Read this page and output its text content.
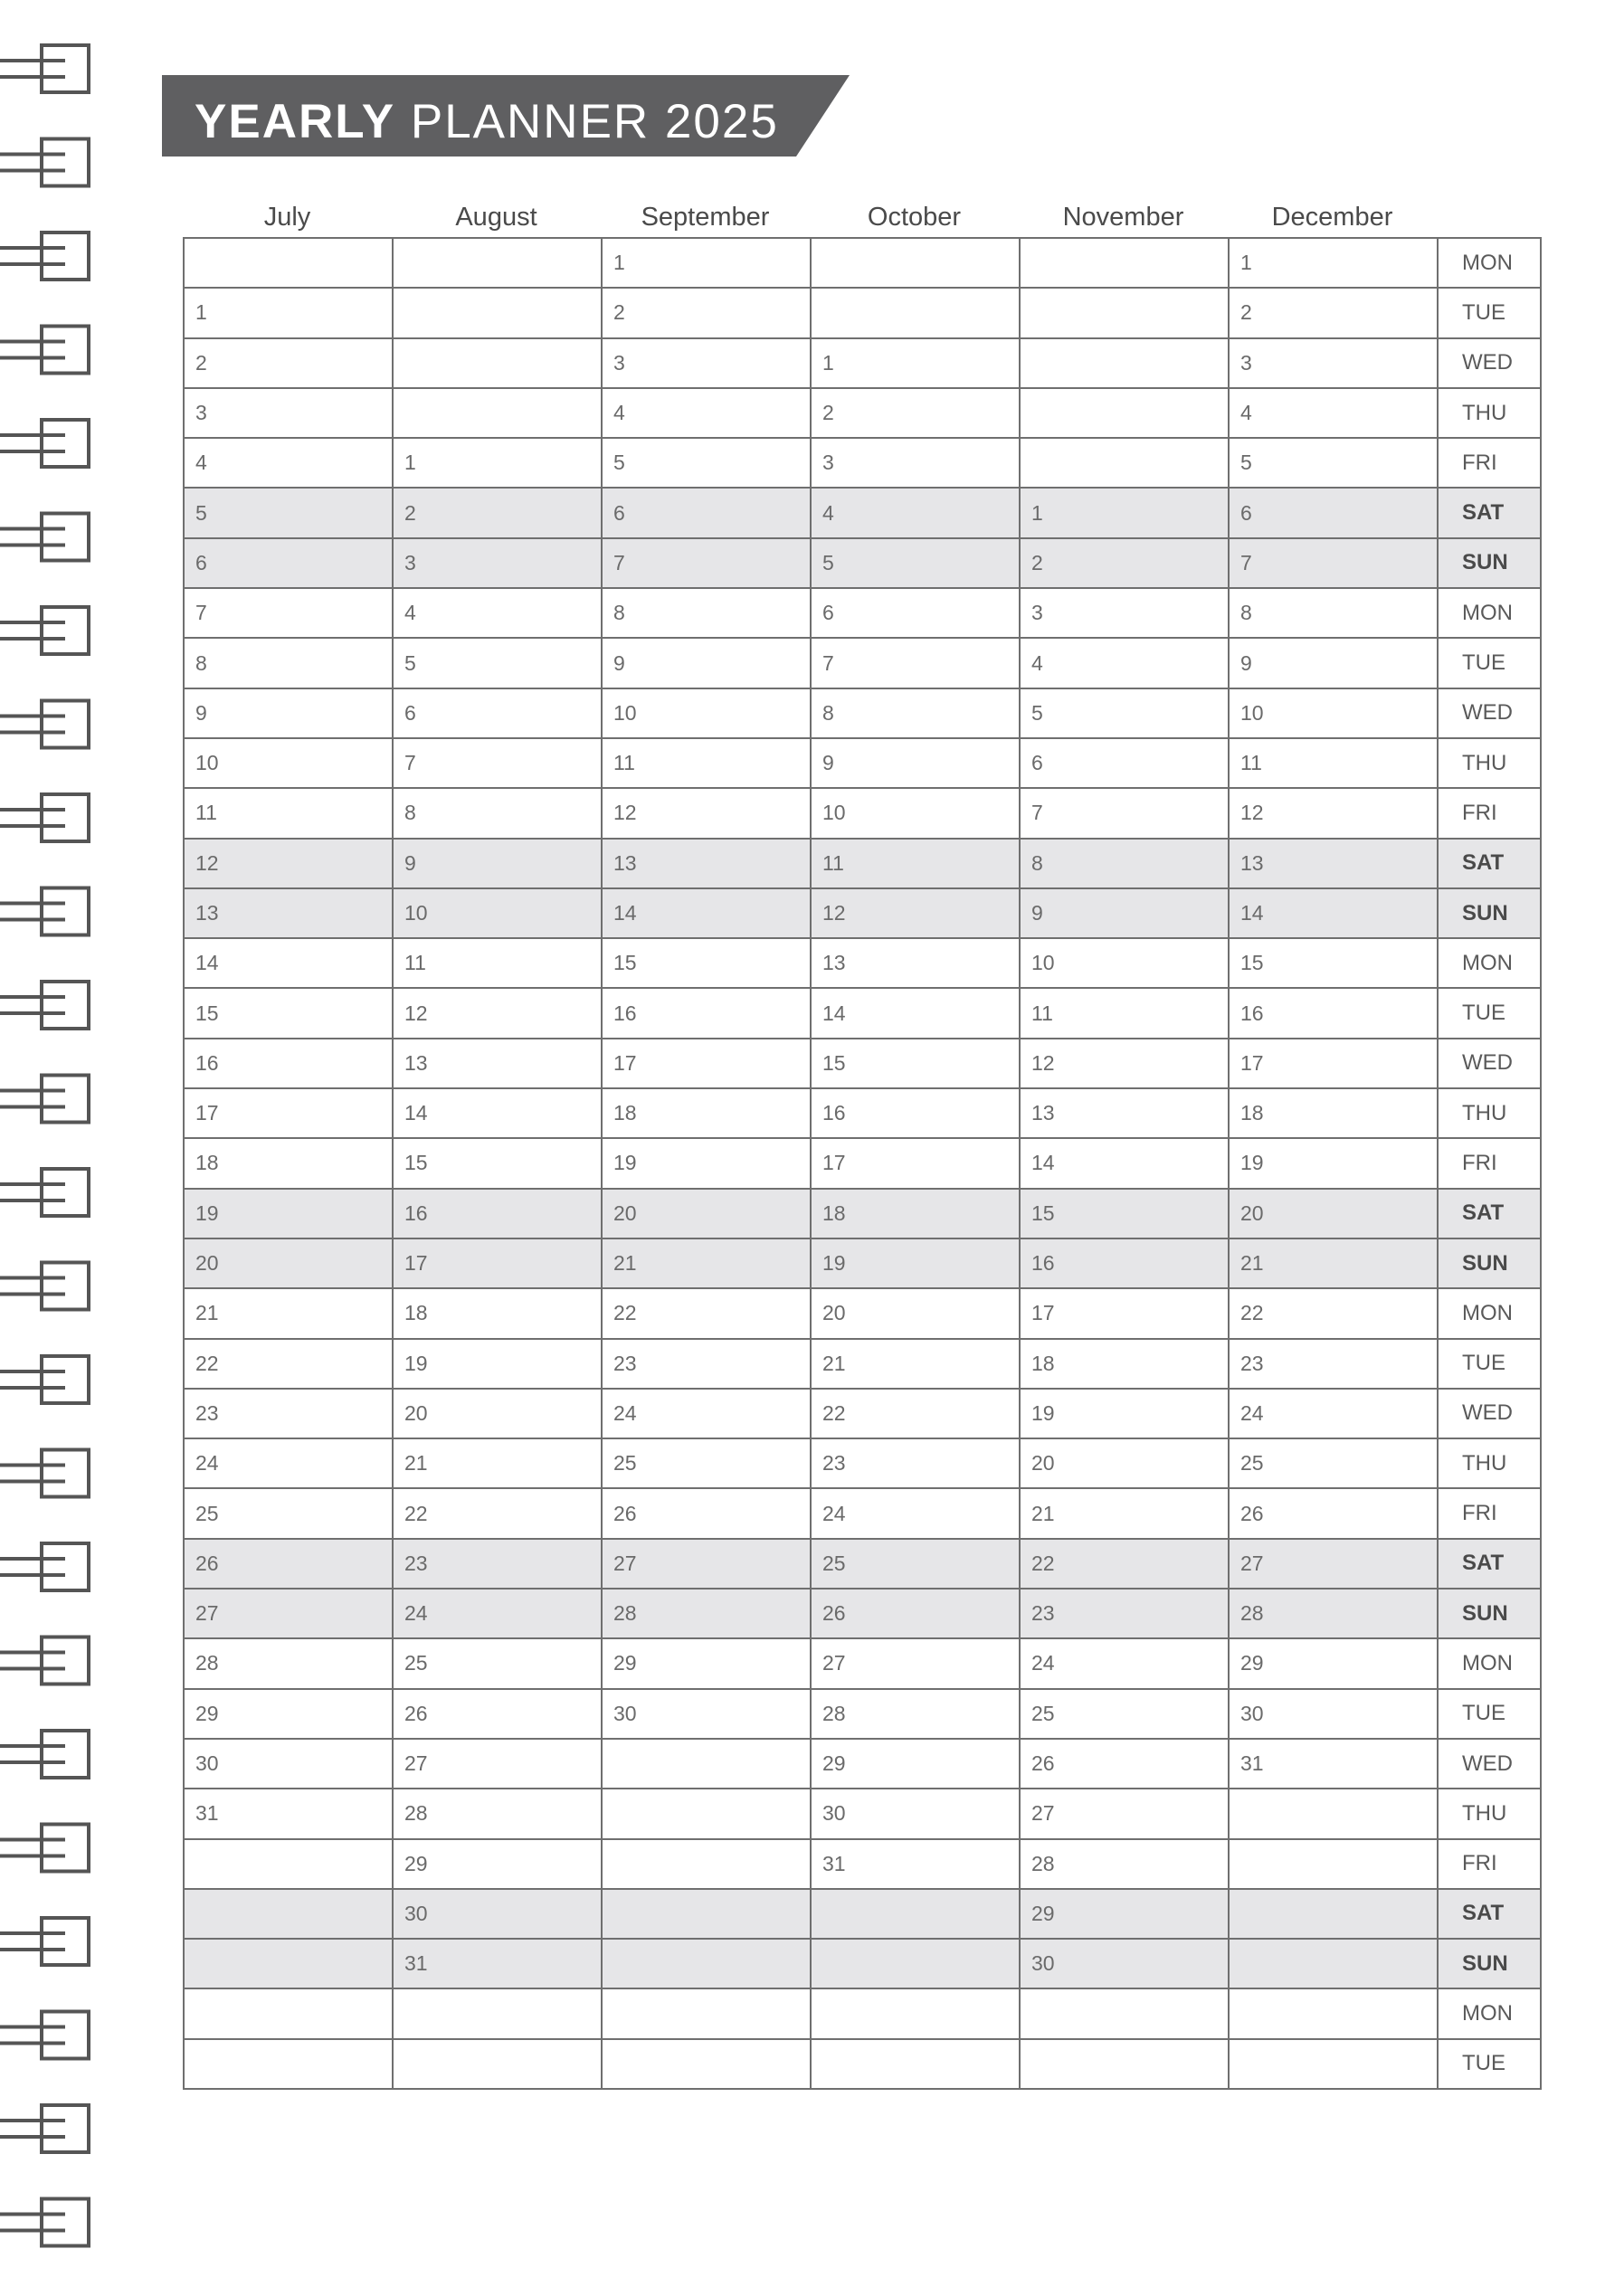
YEARLY PLANNER 2025
July	August	September	October	November	December
		1			1	MON
1		2			2	TUE
2		3	1		3	WED
3		4	2		4	THU
4	1	5	3		5	FRI
5	2	6	4	1	6	SAT
6	3	7	5	2	7	SUN
7	4	8	6	3	8	MON
8	5	9	7	4	9	TUE
9	6	10	8	5	10	WED
10	7	11	9	6	11	THU
11	8	12	10	7	12	FRI
12	9	13	11	8	13	SAT
13	10	14	12	9	14	SUN
14	11	15	13	10	15	MON
15	12	16	14	11	16	TUE
16	13	17	15	12	17	WED
17	14	18	16	13	18	THU
18	15	19	17	14	19	FRI
19	16	20	18	15	20	SAT
20	17	21	19	16	21	SUN
21	18	22	20	17	22	MON
22	19	23	21	18	23	TUE
23	20	24	22	19	24	WED
24	21	25	23	20	25	THU
25	22	26	24	21	26	FRI
26	23	27	25	22	27	SAT
27	24	28	26	23	28	SUN
28	25	29	27	24	29	MON
29	26	30	28	25	30	TUE
30	27		29	26	31	WED
31	28		30	27		THU
	29		31	28		FRI
	30			29		SAT
	31			30		SUN
						MON
						TUE
